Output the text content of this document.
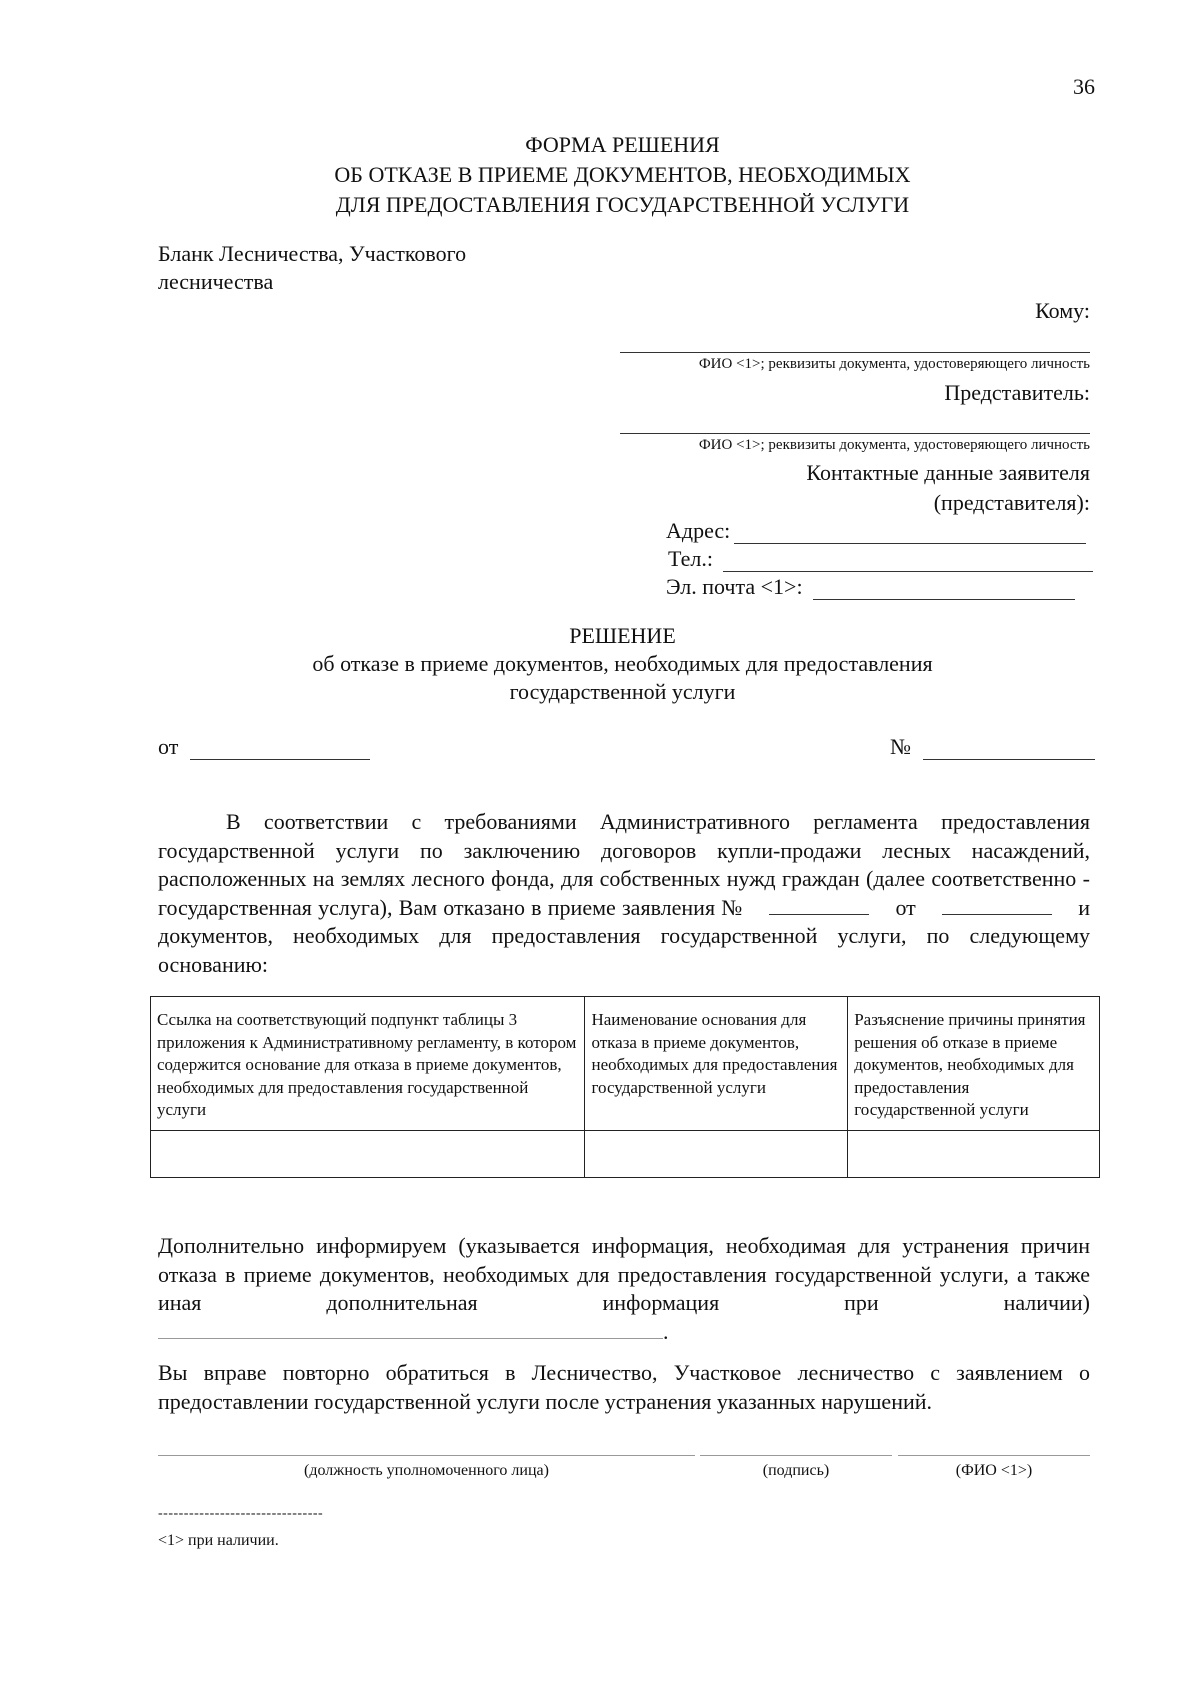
36
ФОРМА РЕШЕНИЯ
ОБ ОТКАЗЕ В ПРИЕМЕ ДОКУМЕНТОВ, НЕОБХОДИМЫХ
ДЛЯ ПРЕДОСТАВЛЕНИЯ ГОСУДАРСТВЕННОЙ УСЛУГИ
Бланк Лесничества, Участкового лесничества
Кому:
ФИО <1>; реквизиты документа, удостоверяющего личность
Представитель:
ФИО <1>; реквизиты документа, удостоверяющего личность
Контактные данные заявителя
(представителя):
Адрес:
Тел.:
Эл. почта <1>:
РЕШЕНИЕ
об отказе в приеме документов, необходимых для предоставления
государственной услуги
от	№
В соответствии с требованиями Административного регламента предоставления государственной услуги по заключению договоров купли-продажи лесных насаждений, расположенных на землях лесного фонда, для собственных нужд граждан (далее соответственно - государственная услуга), Вам отказано в приеме заявления №	от	и документов, необходимых для предоставления государственной услуги, по следующему основанию:
Ссылка на соответствующий подпункт таблицы 3 приложения к Административному регламенту, в котором содержится основание для отказа в приеме документов, необходимых для предоставления государственной услуги	Наименование основания для отказа в приеме документов, необходимых для предоставления государственной услуги	Разъяснение причины принятия решения об отказе в приеме документов, необходимых для предоставления государственной услуги

Дополнительно информируем (указывается информация, необходимая для устранения причин отказа в приеме документов, необходимых для предоставления государственной услуги, а также иная дополнительная информация при наличии) .
Вы вправе повторно обратиться в Лесничество, Участковое лесничество с заявлением о предоставлении государственной услуги после устранения указанных нарушений.
(должность уполномоченного лица)	(подпись)	(ФИО <1>)
--------------------------------
<1> при наличии.
